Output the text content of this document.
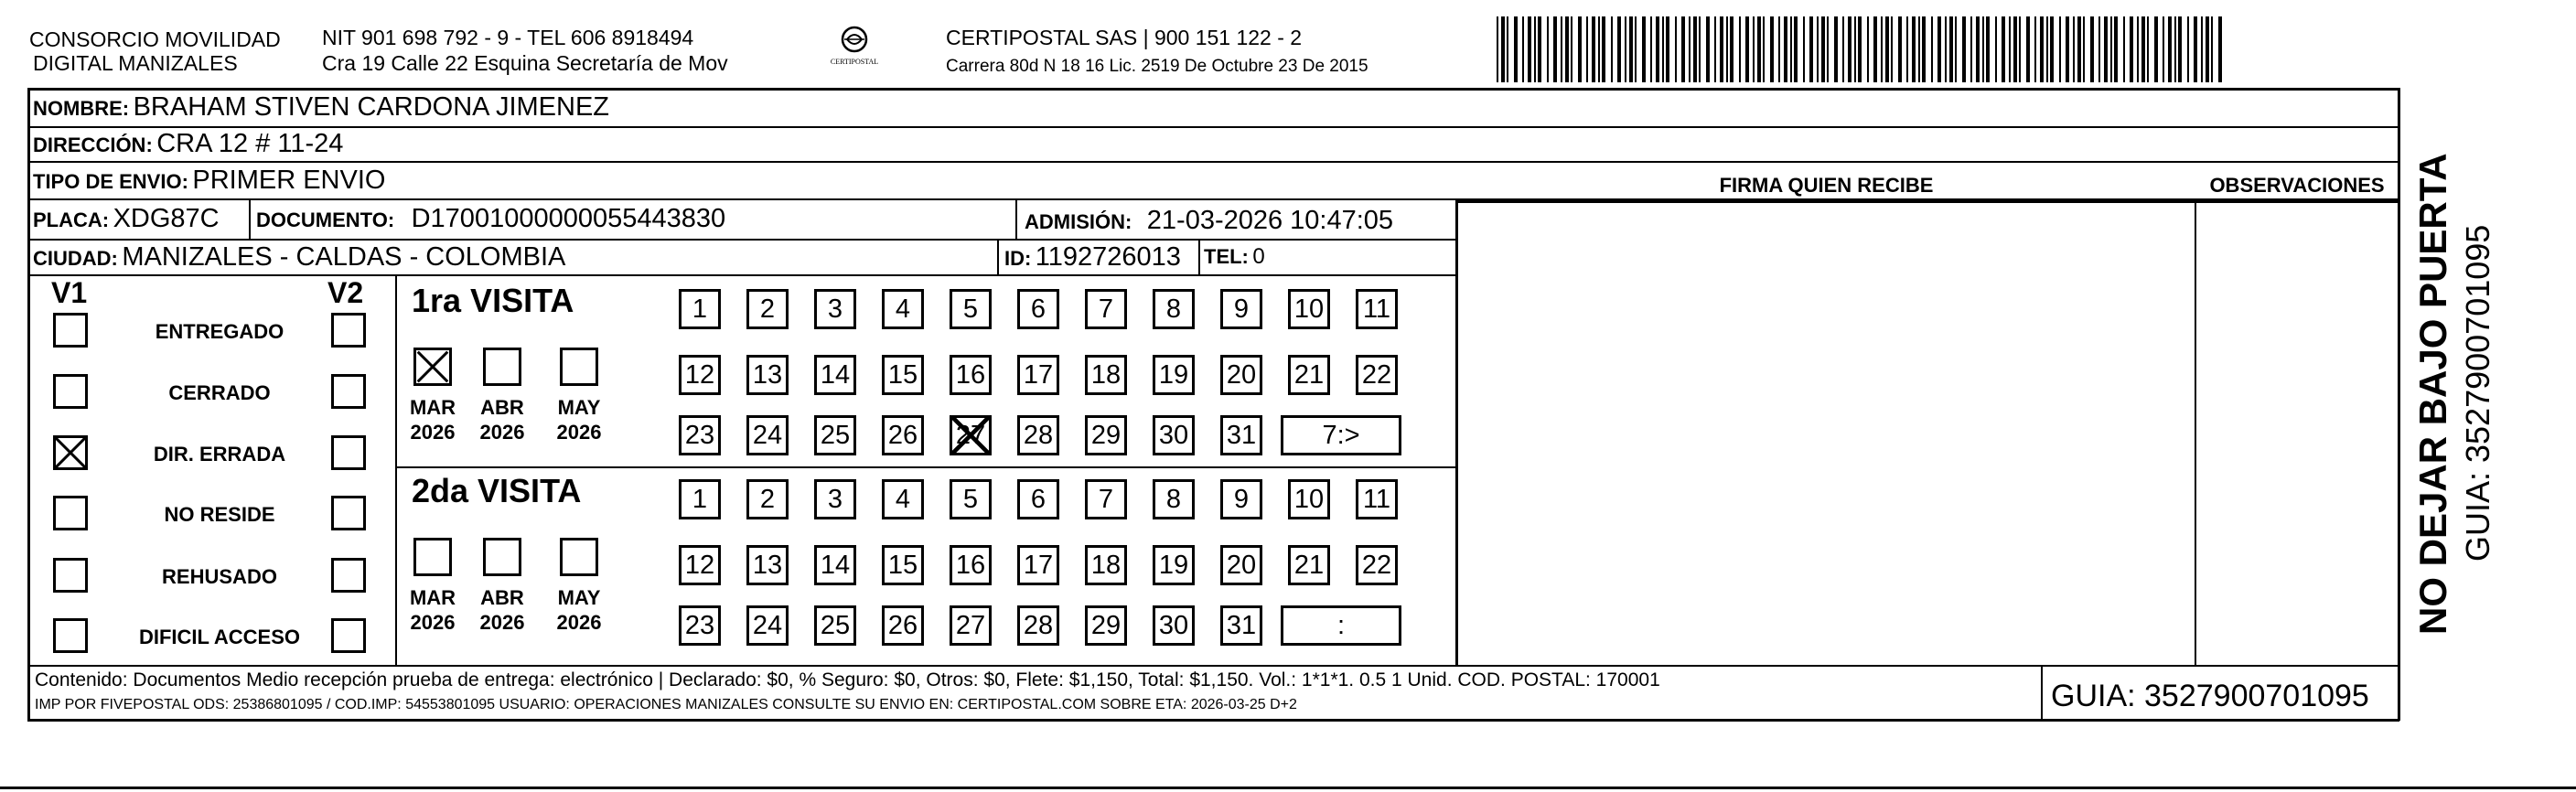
CONSORCIO MOVILIDAD
DIGITAL MANIZALES
NIT 901 698 792 - 9 - TEL 606 8918494
Cra 19 Calle 22 Esquina Secretaría de Mov	CERTIPOSTAL
CERTIPOSTAL SAS | 900 151 122 - 2
Carrera 80d N 18 16 Lic. 2519 De Octubre 23 De 2015
NOMBRE: BRAHAM STIVEN CARDONA JIMENEZ
DIRECCIÓN: CRA 12 # 11-24
TIPO DE ENVIO: PRIMER ENVIO
PLACA: XDG87C DOCUMENTO: D17001000000055443830	ADMISIÓN: 21-03-2026 10:47:05
CIUDAD: MANIZALES - CALDAS - COLOMBIA	ID: 1192726013 TEL: 0
FIRMA QUIEN RECIBE	OBSERVACIONES
V1	V2
ENTREGADO
CERRADO
DIR. ERRADA
NO RESIDE
REHUSADO
DIFICIL ACCESO
1ra VISITA
MAR
2026
ABR
2026
MAY
2026
1	2	3	4	5	6	7	8	9	10 11
12 13 14 15 16 17 18 19 20 21 22
23 24 25 26 27 28 29 30 31	7:>
2da VISITA
MAR
2026
ABR
2026
MAY
2026
1	2	3	4	5	6	7	8	9	10 11
12 13 14 15 16 17 18 19 20 21 22
23 24 25 26 27 28 29 30 31	:
Contenido: Documentos Medio recepción prueba de entrega: electrónico | Declarado: $0, % Seguro: $0, Otros: $0, Flete: $1,150, Total: $1,150. Vol.: 1*1*1. 0.5 1 Unid. COD. POSTAL: 170001
IMP POR FIVEPOSTAL ODS: 25386801095 / COD.IMP: 54553801095 USUARIO: OPERACIONES MANIZALES CONSULTE SU ENVIO EN: CERTIPOSTAL.COM SOBRE ETA: 2026-03-25 D+2	GUIA: 3527900701095
NO DEJAR BAJO PUERTA GUIA: 3527900701095
